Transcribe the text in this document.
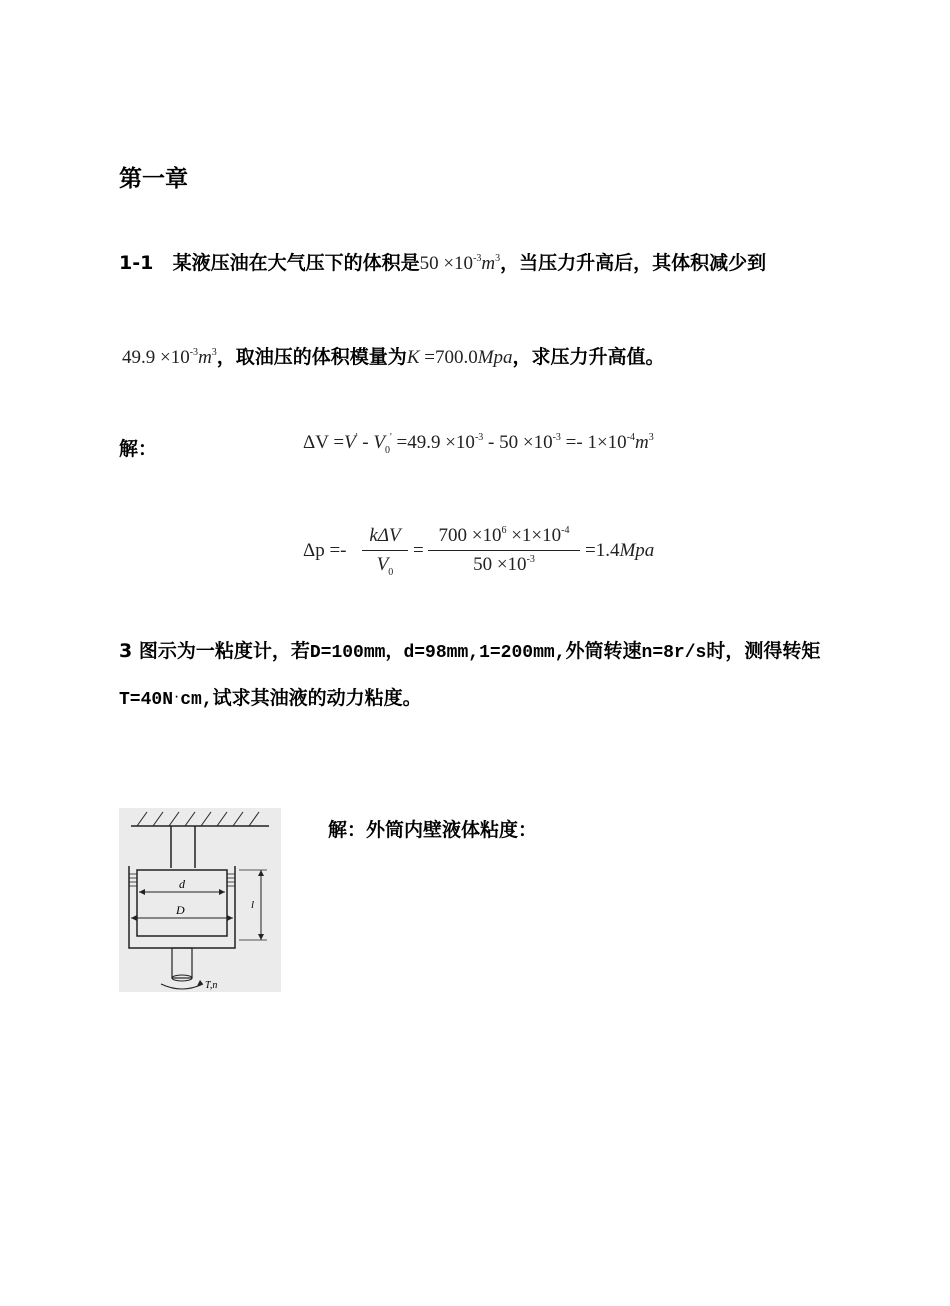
第一章
1-1 某液压油在大气压下的体积是$50 \times 10^{-3}m^3$，当压力升高后，其体积减少到
$49.9 \times 10^{-3}m^3$，取油压的体积模量为K =700.0Mpa，求压力升高值。
解：	$\Delta V =V' - V_0' =49.9 \times 10^{-3} - 50 \times 10^{-3} =- 1\times 10^{-4}m^3$
Δp =-
kΔV
$V_0$
=
$700 \times 10^6 \times 1\times 10^{-4}$
$50 \times 10^{-3}$	=1.4Mpa
3 图示为一粘度计，若D=100mm，d=98mm,1=200mm,外筒转速n=8r/s时，测得转矩
T=40N·cm,试求其油液的动力粘度。
d
D	l
T,n
解：外筒内壁液体粘度：
